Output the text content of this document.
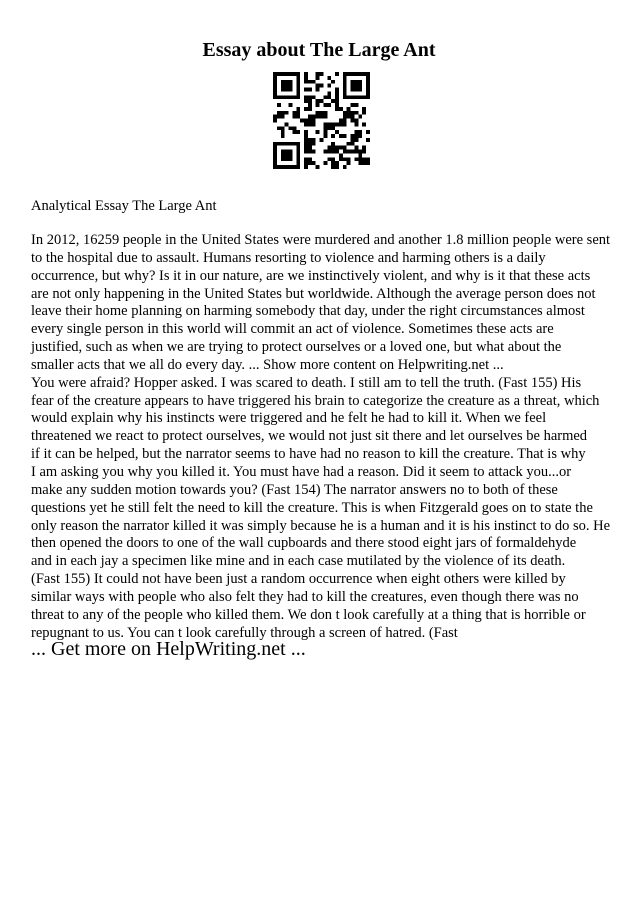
Essay about The Large Ant
Analytical Essay The Large Ant
In 2012, 16259 people in the United States were murdered and another 1.8 million people were sent
to the hospital due to assault. Humans resorting to violence and harming others is a daily
occurrence, but why? Is it in our nature, are we instinctively violent, and why is it that these acts
are not only happening in the United States but worldwide. Although the average person does not
leave their home planning on harming somebody that day, under the right circumstances almost
every single person in this world will commit an act of violence. Sometimes these acts are
justified, such as when we are trying to protect ourselves or a loved one, but what about the
smaller acts that we all do every day. ... Show more content on Helpwriting.net ...
You were afraid? Hopper asked. I was scared to death. I still am to tell the truth. (Fast 155) His
fear of the creature appears to have triggered his brain to categorize the creature as a threat, which
would explain why his instincts were triggered and he felt he had to kill it. When we feel
threatened we react to protect ourselves, we would not just sit there and let ourselves be harmed
if it can be helped, but the narrator seems to have had no reason to kill the creature. That is why
I am asking you why you killed it. You must have had a reason. Did it seem to attack you...or
make any sudden motion towards you? (Fast 154) The narrator answers no to both of these
questions yet he still felt the need to kill the creature. This is when Fitzgerald goes on to state the
only reason the narrator killed it was simply because he is a human and it is his instinct to do so. He
then opened the doors to one of the wall cupboards and there stood eight jars of formaldehyde
and in each jay a specimen like mine and in each case mutilated by the violence of its death.
(Fast 155) It could not have been just a random occurrence when eight others were killed by
similar ways with people who also felt they had to kill the creatures, even though there was no
threat to any of the people who killed them. We don t look carefully at a thing that is horrible or
repugnant to us. You can t look carefully through a screen of hatred. (Fast
... Get more on HelpWriting.net ...
